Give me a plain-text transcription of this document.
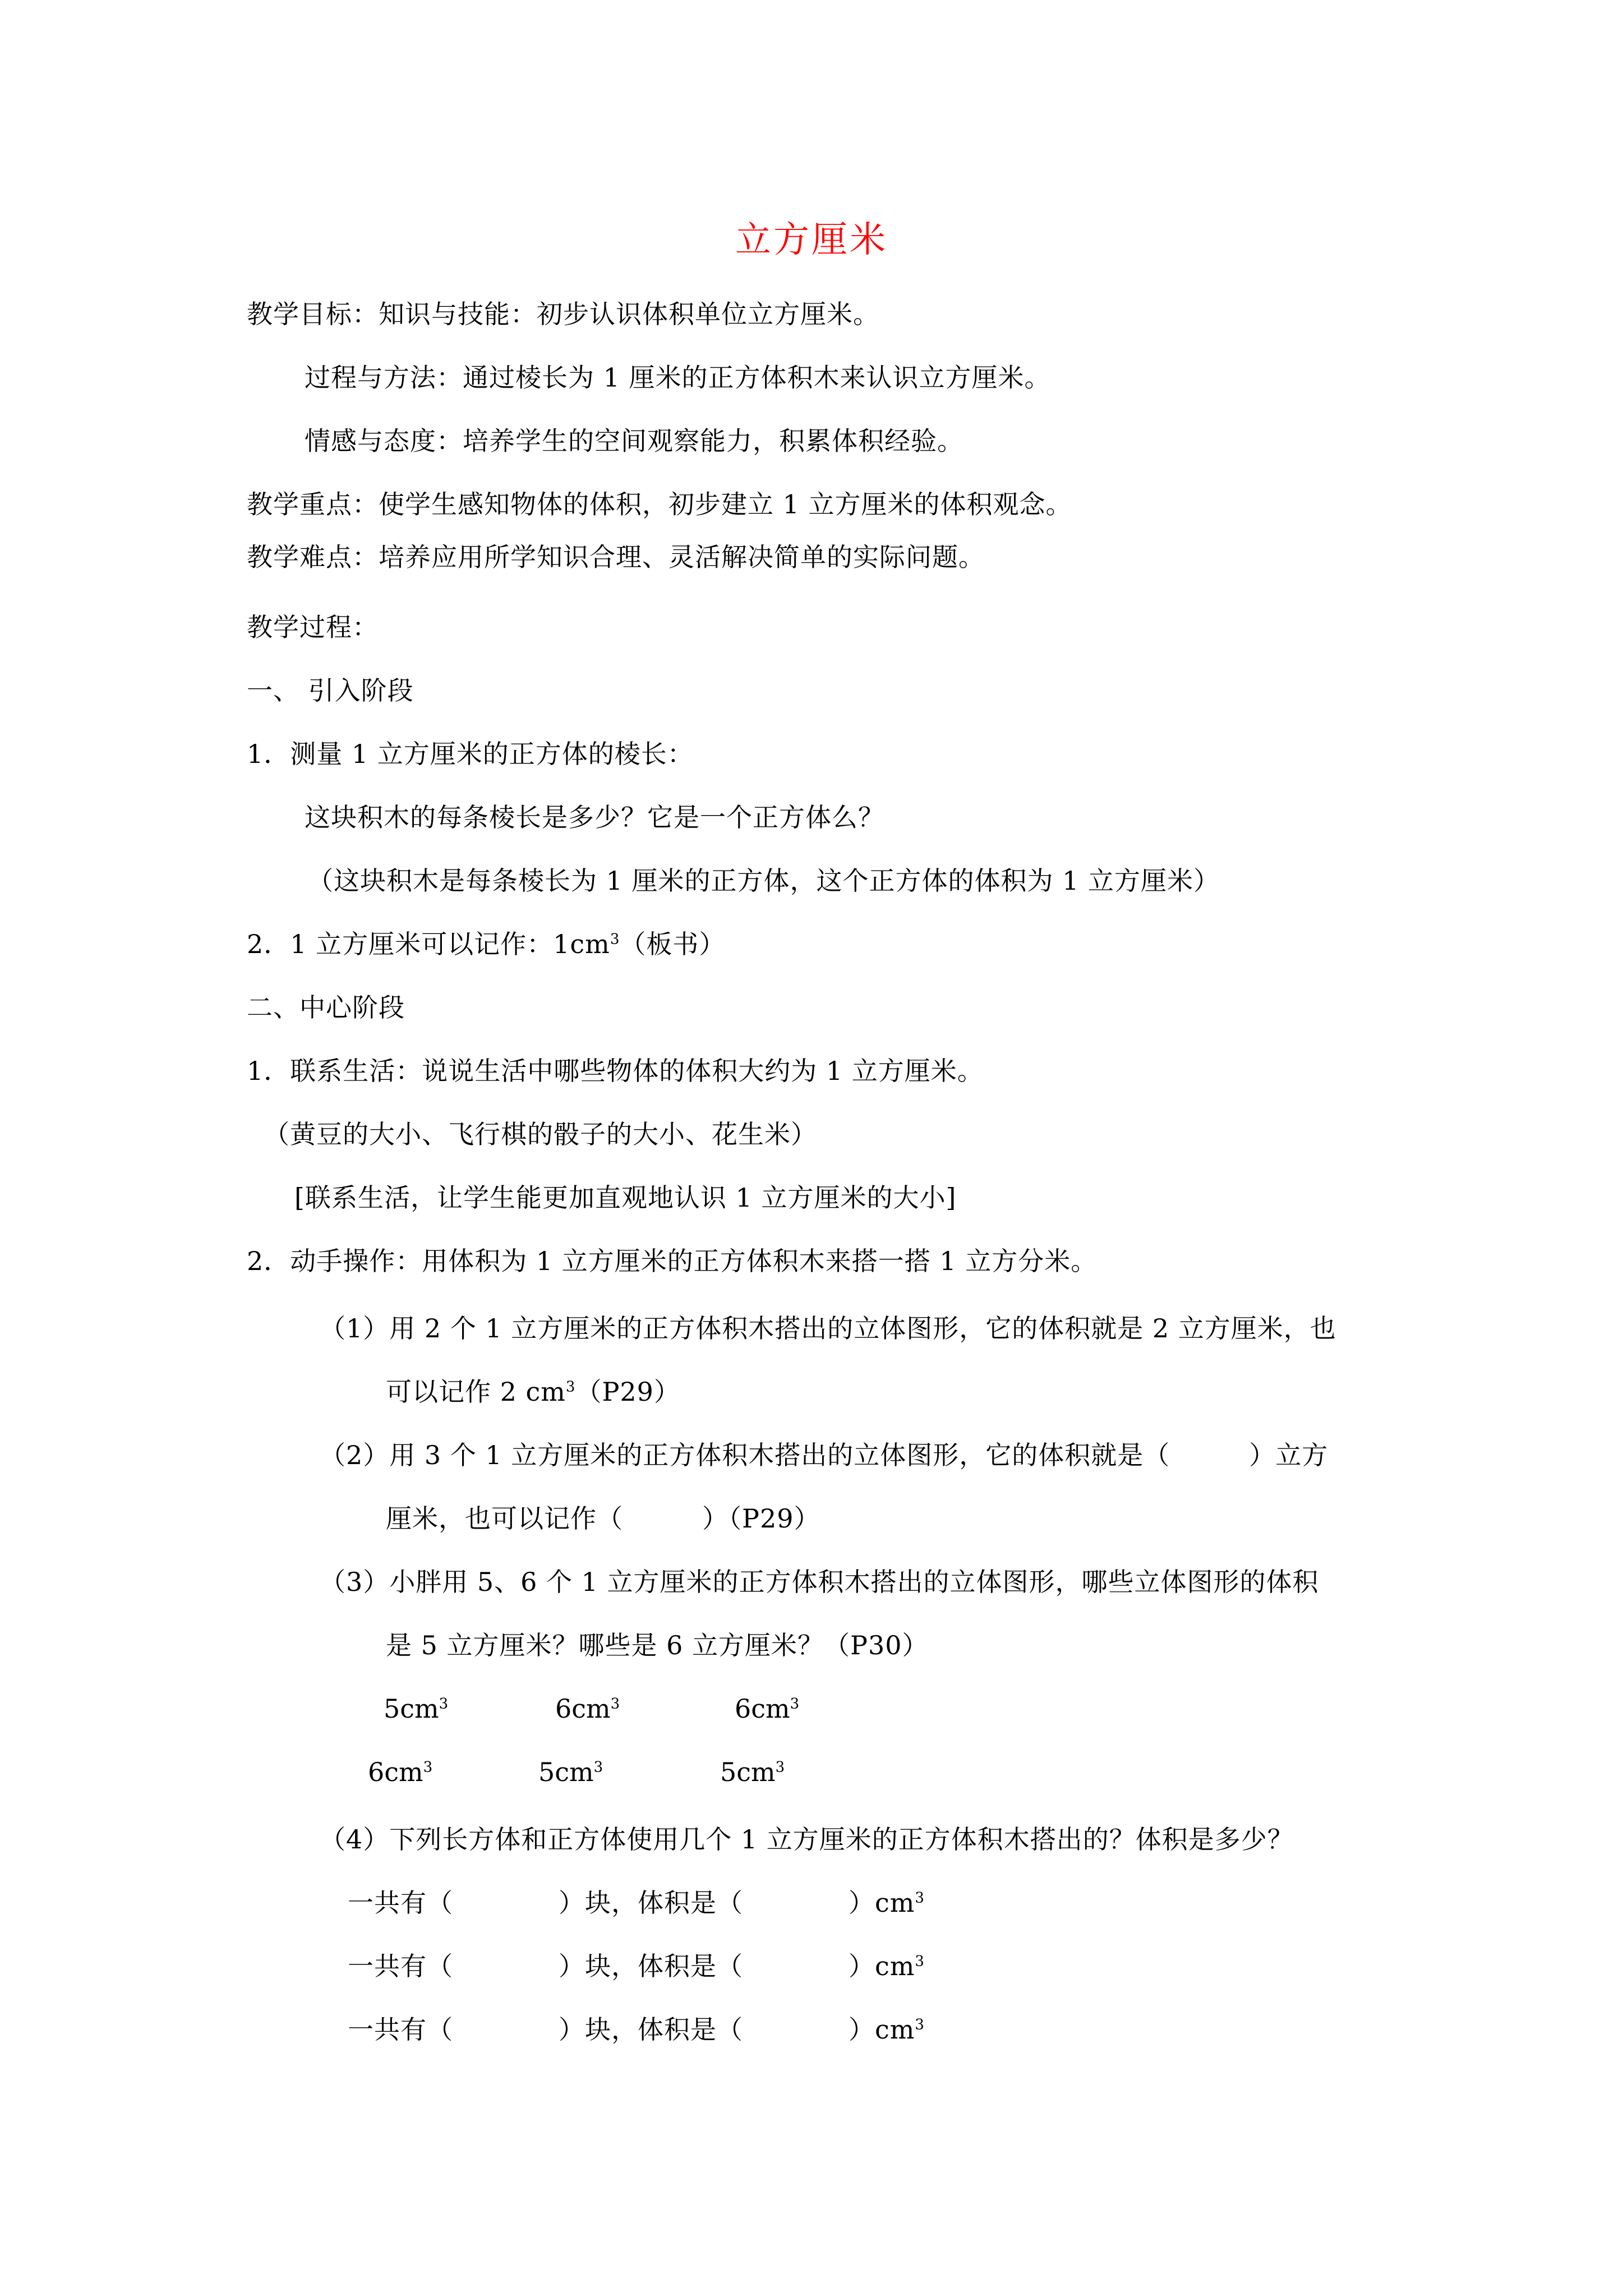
立方厘米
教学目标：知识与技能：初步认识体积单位立方厘米。
过程与方法：通过棱长为 1 厘米的正方体积木来认识立方厘米。
情感与态度：培养学生的空间观察能力，积累体积经验。
教学重点：使学生感知物体的体积，初步建立 1 立方厘米的体积观念。
教学难点：培养应用所学知识合理、灵活解决简单的实际问题。
教学过程：
一、 引入阶段
1．测量 1 立方厘米的正方体的棱长：
这块积木的每条棱长是多少？它是一个正方体么？
（这块积木是每条棱长为 1 厘米的正方体，这个正方体的体积为 1 立方厘米）
2．1 立方厘米可以记作：$1cm^3$（板书）
二、中心阶段
1．联系生活：说说生活中哪些物体的体积大约为 1 立方厘米。
（黄豆的大小、飞行棋的骰子的大小、花生米）
[联系生活，让学生能更加直观地认识 1 立方厘米的大小]
2．动手操作：用体积为 1 立方厘米的正方体积木来搭一搭 1 立方分米。
（1）用 2 个 1 立方厘米的正方体积木搭出的立体图形，它的体积就是 2 立方厘米，也
可以记作 2 $cm^3(P29)$
（2）用 3 个 1 立方厘米的正方体积木搭出的立体图形，它的体积就是（　　　）立方
厘米，也可以记作（　　　）（P29）
（3）小胖用 5、6 个 1 立方厘米的正方体积木搭出的立体图形，哪些立体图形的体积
是 5 立方厘米？哪些是 6 立方厘米？（P30）
$5cm^3$	$6cm^3$	$6cm^3$
$6cm^3$	$5cm^3$	$5cm^3$
（4）下列长方体和正方体使用几个 1 立方厘米的正方体积木搭出的？体积是多少？
一共有（　　　　）块，体积是（　　　　）$cm^3$
一共有（　　　　）块，体积是（　　　　）$cm^3$
一共有（　　　　）块，体积是（　　　　）$cm^3$
